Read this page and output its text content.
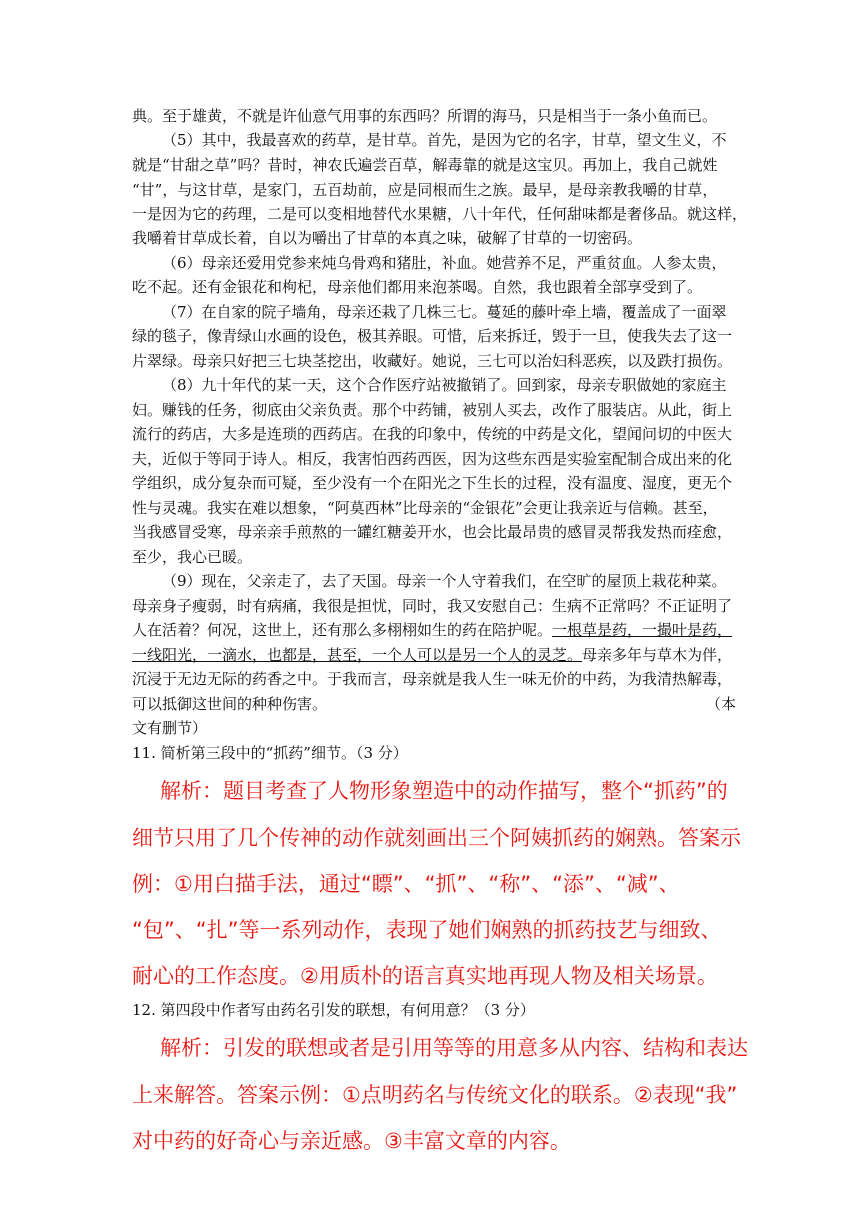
典。至于雄黄，不就是许仙意气用事的东西吗？所谓的海马，只是相当于一条小鱼而已。
（5）其中，我最喜欢的药草，是甘草。首先，是因为它的名字，甘草，望文生义，不
就是“甘甜之草”吗？昔时，神农氏遍尝百草，解毒靠的就是这宝贝。再加上，我自己就姓
“甘”，与这甘草，是家门，五百劫前，应是同根而生之族。最早，是母亲教我嚼的甘草，
一是因为它的药理，二是可以变相地替代水果糖，八十年代，任何甜味都是奢侈品。就这样，
我嚼着甘草成长着，自以为嚼出了甘草的本真之味，破解了甘草的一切密码。
（6）母亲还爱用党参来炖乌骨鸡和猪肚，补血。她营养不足，严重贫血。人参太贵，
吃不起。还有金银花和枸杞，母亲他们都用来泡茶喝。自然，我也跟着全部享受到了。
（7）在自家的院子墙角，母亲还栽了几株三七。蔓延的藤叶牵上墙，覆盖成了一面翠
绿的毯子，像青绿山水画的设色，极其养眼。可惜，后来拆迁，毁于一旦，使我失去了这一
片翠绿。母亲只好把三七块茎挖出，收藏好。她说，三七可以治妇科恶疾，以及跌打损伤。
（8）九十年代的某一天，这个合作医疗站被撤销了。回到家，母亲专职做她的家庭主
妇。赚钱的任务，彻底由父亲负责。那个中药铺，被别人买去，改作了服装店。从此，街上
流行的药店，大多是连琐的西药店。在我的印象中，传统的中药是文化，望闻问切的中医大
夫，近似于等同于诗人。相反，我害怕西药西医，因为这些东西是实验室配制合成出来的化
学组织，成分复杂而可疑，至少没有一个在阳光之下生长的过程，没有温度、湿度，更无个
性与灵魂。我实在难以想象，“阿莫西林”比母亲的“金银花”会更让我亲近与信赖。甚至，
当我感冒受寒，母亲亲手煎熬的一罐红糖姜开水，也会比最昂贵的感冒灵帮我发热而痊愈，
至少，我心已暖。
（9）现在，父亲走了，去了天国。母亲一个人守着我们，在空旷的屋顶上栽花种菜。
母亲身子瘦弱，时有病痛，我很是担忧，同时，我又安慰自己：生病不正常吗？不正证明了
人在活着？何况，这世上，还有那么多栩栩如生的药在陪护呢。一根草是药，一撮叶是药，
一线阳光，一滴水，也都是，甚至，一个人可以是另一个人的灵芝。母亲多年与草木为伴，
沉浸于无边无际的药香之中。于我而言，母亲就是我人生一味无价的中药，为我清热解毒，
可以抵御这世间的种种伤害。	（本
文有删节）
11. 简析第三段中的“抓药”细节。（3 分）
解析：题目考查了人物形象塑造中的动作描写，整个“抓药”的
细节只用了几个传神的动作就刻画出三个阿姨抓药的娴熟。答案示
例：①用白描手法，通过“瞟”、“抓”、“称”、“添”、“减”、
“包”、“扎”等一系列动作，表现了她们娴熟的抓药技艺与细致、
耐心的工作态度。②用质朴的语言真实地再现人物及相关场景。
12. 第四段中作者写由药名引发的联想，有何用意？（3 分）
解析：引发的联想或者是引用等等的用意多从内容、结构和表达
上来解答。答案示例：①点明药名与传统文化的联系。②表现“我”
对中药的好奇心与亲近感。③丰富文章的内容。
